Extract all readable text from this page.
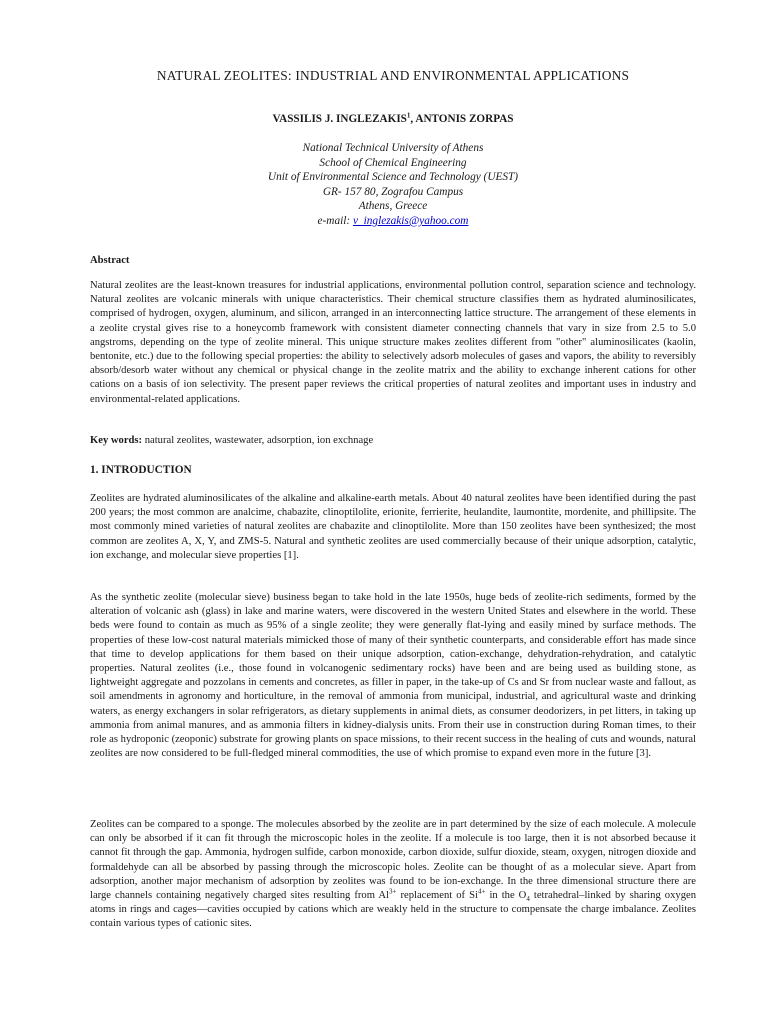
NATURAL ZEOLITES: INDUSTRIAL AND ENVIRONMENTAL APPLICATIONS
VASSILIS J. INGLEZAKIS$^1$, ANTONIS ZORPAS
National Technical University of Athens
School of Chemical Engineering
Unit of Environmental Science and Technology (UEST)
GR- 157 80, Zografou Campus
Athens, Greece
e-mail: v_inglezakis@yahoo.com
Abstract

Natural zeolites are the least-known treasures for industrial applications, environmental pollution control, separation science and technology. Natural zeolites are volcanic minerals with unique characteristics. Their chemical structure classifies them as hydrated aluminosilicates, comprised of hydrogen, oxygen, aluminum, and silicon, arranged in an interconnecting lattice structure. The arrangement of these elements in a zeolite crystal gives rise to a honeycomb framework with consistent diameter connecting channels that vary in size from 2.5 to 5.0 angstroms, depending on the type of zeolite mineral. This unique structure makes zeolites different from "other" aluminosilicates (kaolin, bentonite, etc.) due to the following special properties: the ability to selectively adsorb molecules of gases and vapors, the ability to reversibly absorb/desorb water without any chemical or physical change in the zeolite matrix and the ability to exchange inherent cations for other cations on a basis of ion selectivity. The present paper reviews the critical properties of natural zeolites and important uses in industry and environmental-related applications.

Key words: natural zeolites, wastewater, adsorption, ion exchnage
1. INTRODUCTION

Zeolites are hydrated aluminosilicates of the alkaline and alkaline-earth metals. About 40 natural zeolites have been identified during the past 200 years; the most common are analcime, chabazite, clinoptilolite, erionite, ferrierite, heulandite, laumontite, mordenite, and phillipsite. The most commonly mined varieties of natural zeolites are chabazite and clinoptilolite. More than 150 zeolites have been synthesized; the most common are zeolites A, X, Y, and ZMS-5. Natural and synthetic zeolites are used commercially because of their unique adsorption, catalytic, ion exchange, and molecular sieve properties [1].

As the synthetic zeolite (molecular sieve) business began to take hold in the late 1950s, huge beds of zeolite-rich sediments, formed by the alteration of volcanic ash (glass) in lake and marine waters, were discovered in the western United States and elsewhere in the world. These beds were found to contain as much as 95% of a single zeolite; they were generally flat-lying and easily mined by surface methods. The properties of these low-cost natural materials mimicked those of many of their synthetic counterparts, and considerable effort has made since that time to develop applications for them based on their unique adsorption, cation-exchange, dehydration-rehydration, and catalytic properties. Natural zeolites (i.e., those found in volcanogenic sedimentary rocks) have been and are being used as building stone, as lightweight aggregate and pozzolans in cements and concretes, as filler in paper, in the take-up of Cs and Sr from nuclear waste and fallout, as soil amendments in agronomy and horticulture, in the removal of ammonia from municipal, industrial, and agricultural waste and drinking waters, as energy exchangers in solar refrigerators, as dietary supplements in animal diets, as consumer deodorizers, in pet litters, in taking up ammonia from animal manures, and as ammonia filters in kidney-dialysis units. From their use in construction during Roman times, to their role as hydroponic (zeoponic) substrate for growing plants on space missions, to their recent success in the healing of cuts and wounds, natural zeolites are now considered to be full-fledged mineral commodities, the use of which promise to expand even more in the future [3].

Zeolites can be compared to a sponge. The molecules absorbed by the zeolite are in part determined by the size of each molecule. A molecule can only be absorbed if it can fit through the microscopic holes in the zeolite. If a molecule is too large, then it is not absorbed because it cannot fit through the gap. Ammonia, hydrogen sulfide, carbon monoxide, carbon dioxide, sulfur dioxide, steam, oxygen, nitrogen dioxide and formaldehyde can all be absorbed by passing through the microscopic holes. Zeolite can be thought of as a molecular sieve. Apart from adsorption, another major mechanism of adsorption by zeolites was found to be ion-exchange. In the three dimensional structure there are large channels containing negatively charged sites resulting from $Al^{3+}$ replacement of $Si^{4+}$ in the $O_4$ tetrahedral–linked by sharing oxygen atoms in rings and cages—cavities occupied by cations which are weakly held in the structure to compensate the charge imbalance. Zeolites contain various types of cationic sites.
